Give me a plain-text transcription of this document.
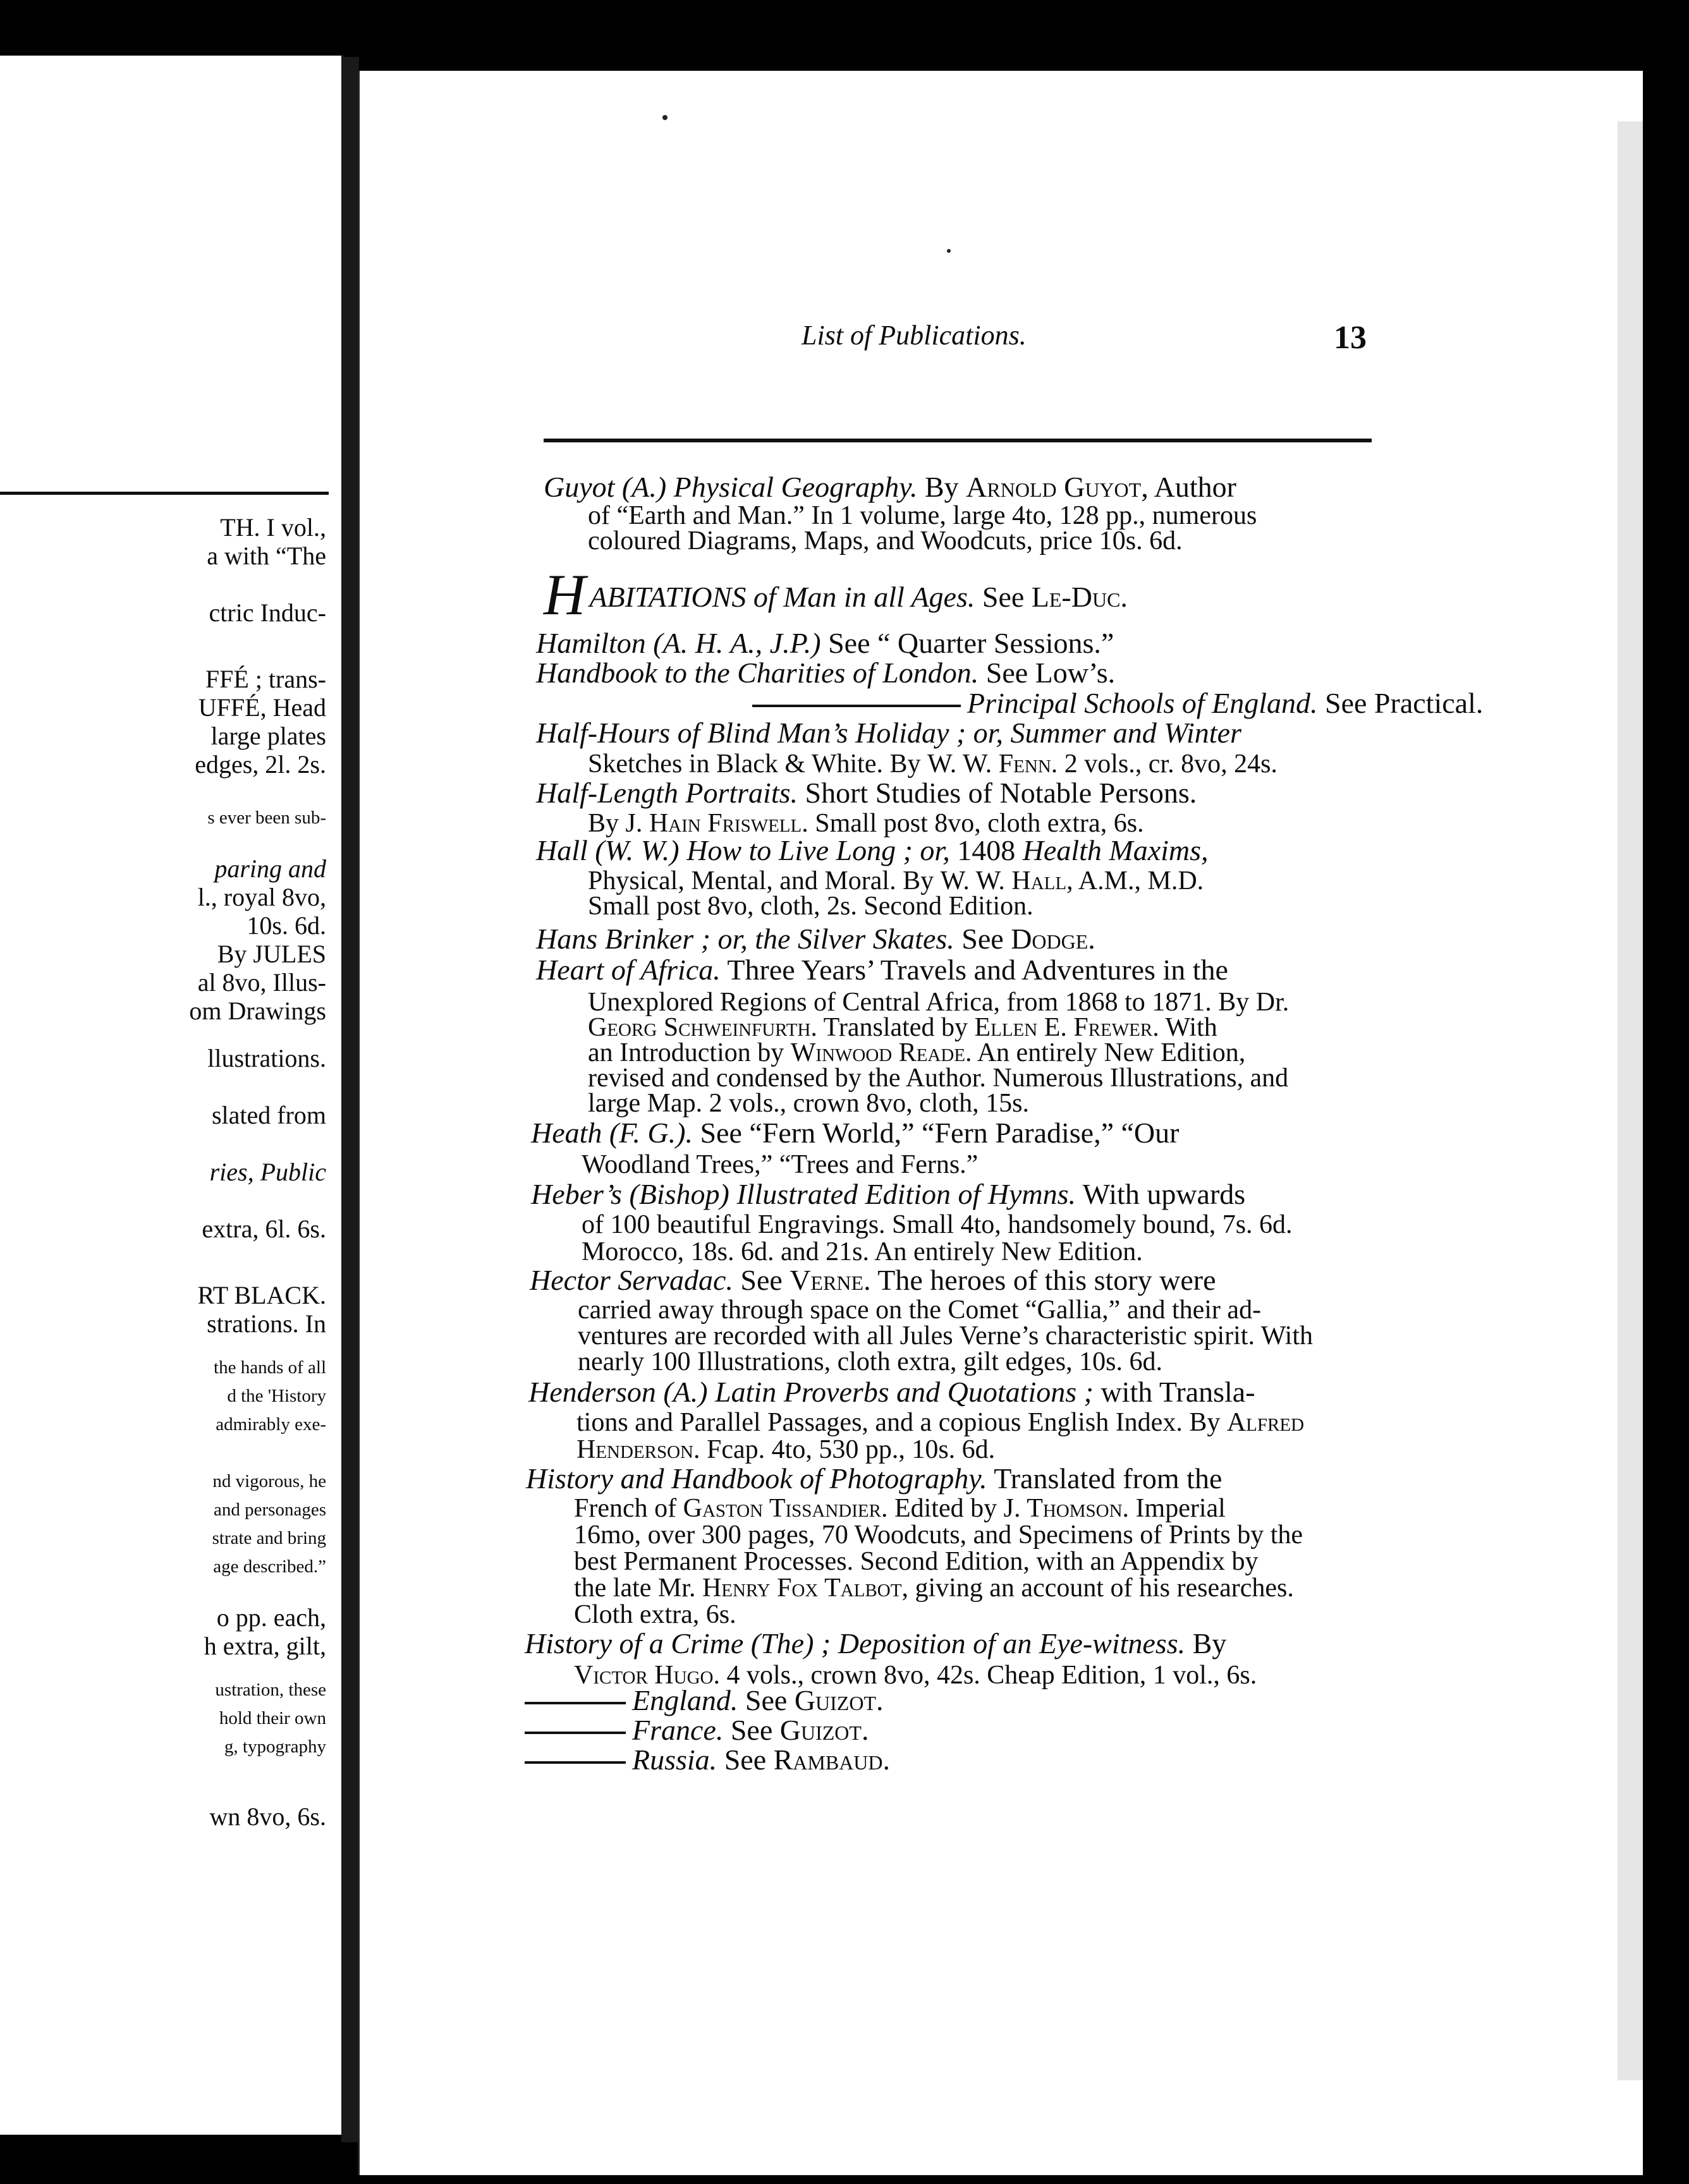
TH. I vol.,
a with “The
ctric Induc-
FFÉ ; trans-
UFFÉ, Head
large plates
edges, 2l. 2s.
s ever been sub-
paring and
l., royal 8vo,
10s. 6d.
By JULES
al 8vo, Illus-
om Drawings
llustrations.
slated from
ries, Public
extra, 6l. 6s.
RT BLACK.
strations. In
the hands of all
d the 'History
admirably exe-
nd vigorous, he
and personages
strate and bring
age described.”
o pp. each,
h extra, gilt,
ustration, these
hold their own
g, typography
wn 8vo, 6s.
List of Publications.	13
Guyot (A.) Physical Geography. By Arnold Guyot, Author
of “Earth and Man.” In 1 volume, large 4to, 128 pp., numerous
coloured Diagrams, Maps, and Woodcuts, price 10s. 6d.
HABITATIONS of Man in all Ages. See Le-Duc.
Hamilton (A. H. A., J.P.) See “ Quarter Sessions.”
Handbook to the Charities of London. See Low’s.
Principal Schools of England. See Practical.
Half-Hours of Blind Man’s Holiday ; or, Summer and Winter
Sketches in Black & White. By W. W. Fenn. 2 vols., cr. 8vo, 24s.
Half-Length Portraits. Short Studies of Notable Persons.
By J. Hain Friswell. Small post 8vo, cloth extra, 6s.
Hall (W. W.) How to Live Long ; or, 1408 Health Maxims,
Physical, Mental, and Moral. By W. W. Hall, A.M., M.D.
Small post 8vo, cloth, 2s. Second Edition.
Hans Brinker ; or, the Silver Skates. See Dodge.
Heart of Africa. Three Years’ Travels and Adventures in the
Unexplored Regions of Central Africa, from 1868 to 1871. By Dr.
Georg Schweinfurth. Translated by Ellen E. Frewer. With
an Introduction by Winwood Reade. An entirely New Edition,
revised and condensed by the Author. Numerous Illustrations, and
large Map. 2 vols., crown 8vo, cloth, 15s.
Heath (F. G.). See “Fern World,” “Fern Paradise,” “Our
Woodland Trees,” “Trees and Ferns.”
Heber’s (Bishop) Illustrated Edition of Hymns. With upwards
of 100 beautiful Engravings. Small 4to, handsomely bound, 7s. 6d.
Morocco, 18s. 6d. and 21s. An entirely New Edition.
Hector Servadac. See Verne. The heroes of this story were
carried away through space on the Comet “Gallia,” and their ad-
ventures are recorded with all Jules Verne’s characteristic spirit. With
nearly 100 Illustrations, cloth extra, gilt edges, 10s. 6d.
Henderson (A.) Latin Proverbs and Quotations ; with Transla-
tions and Parallel Passages, and a copious English Index. By Alfred
Henderson. Fcap. 4to, 530 pp., 10s. 6d.
History and Handbook of Photography. Translated from the
French of Gaston Tissandier. Edited by J. Thomson. Imperial
16mo, over 300 pages, 70 Woodcuts, and Specimens of Prints by the
best Permanent Processes. Second Edition, with an Appendix by
the late Mr. Henry Fox Talbot, giving an account of his researches.
Cloth extra, 6s.
History of a Crime (The) ; Deposition of an Eye-witness. By
Victor Hugo. 4 vols., crown 8vo, 42s. Cheap Edition, 1 vol., 6s.
England. See Guizot.
France. See Guizot.
Russia. See Rambaud.
